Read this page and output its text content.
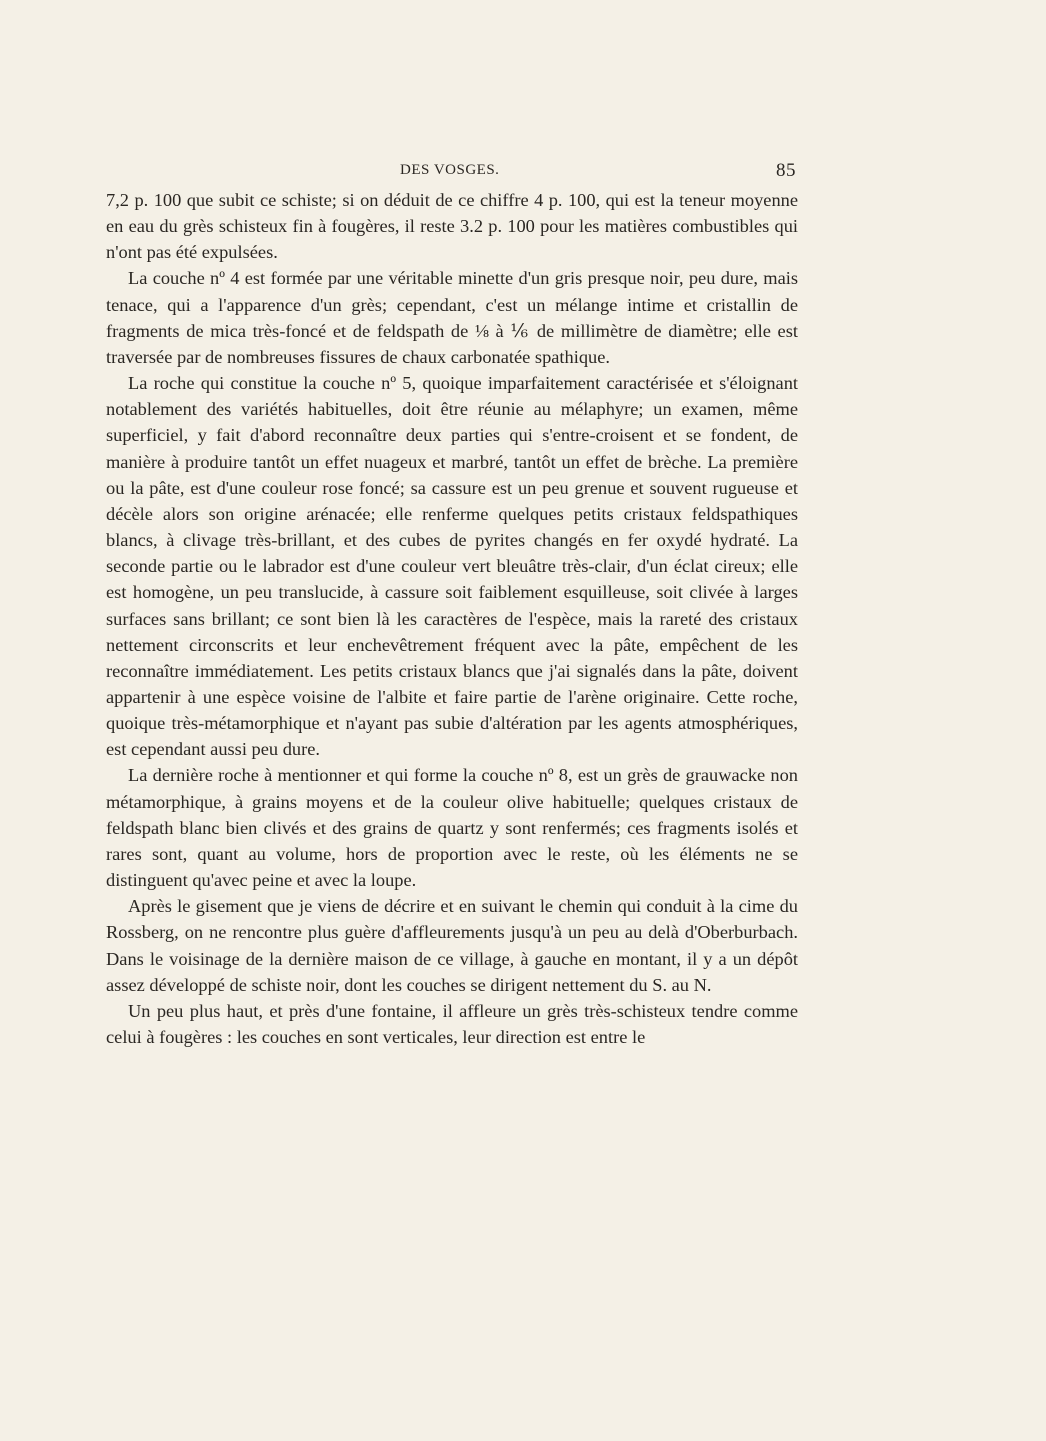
DES VOSGES.	85

7,2 p. 100 que subit ce schiste; si on déduit de ce chiffre 4 p. 100, qui est la teneur moyenne en eau du grès schisteux fin à fougères, il reste 3.2 p. 100 pour les matières combustibles qui n'ont pas été expulsées.

La couche nº 4 est formée par une véritable minette d'un gris presque noir, peu dure, mais tenace, qui a l'apparence d'un grès; cependant, c'est un mélange intime et cristallin de fragments de mica très-foncé et de feldspath de ⅛ à ⅙ de millimètre de diamètre; elle est traversée par de nombreuses fissures de chaux carbonatée spathique.

La roche qui constitue la couche nº 5, quoique imparfaitement caractérisée et s'éloignant notablement des variétés habituelles, doit être réunie au mélaphyre; un examen, même superficiel, y fait d'abord reconnaître deux parties qui s'entre-croisent et se fondent, de manière à produire tantôt un effet nuageux et marbré, tantôt un effet de brèche. La première ou la pâte, est d'une couleur rose foncé; sa cassure est un peu grenue et souvent rugueuse et décèle alors son origine arénacée; elle renferme quelques petits cristaux feldspathiques blancs, à clivage très-brillant, et des cubes de pyrites changés en fer oxydé hydraté. La seconde partie ou le labrador est d'une couleur vert bleuâtre très-clair, d'un éclat cireux; elle est homogène, un peu translucide, à cassure soit faiblement esquilleuse, soit clivée à larges surfaces sans brillant; ce sont bien là les caractères de l'espèce, mais la rareté des cristaux nettement circonscrits et leur enchevêtrement fréquent avec la pâte, empêchent de les reconnaître immédiatement. Les petits cristaux blancs que j'ai signalés dans la pâte, doivent appartenir à une espèce voisine de l'albite et faire partie de l'arène originaire. Cette roche, quoique très-métamorphique et n'ayant pas subie d'altération par les agents atmosphériques, est cependant aussi peu dure.

La dernière roche à mentionner et qui forme la couche nº 8, est un grès de grauwacke non métamorphique, à grains moyens et de la couleur olive habituelle; quelques cristaux de feldspath blanc bien clivés et des grains de quartz y sont renfermés; ces fragments isolés et rares sont, quant au volume, hors de proportion avec le reste, où les éléments ne se distinguent qu'avec peine et avec la loupe.

Après le gisement que je viens de décrire et en suivant le chemin qui conduit à la cime du Rossberg, on ne rencontre plus guère d'affleurements jusqu'à un peu au delà d'Oberburbach. Dans le voisinage de la dernière maison de ce village, à gauche en montant, il y a un dépôt assez développé de schiste noir, dont les couches se dirigent nettement du S. au N.

Un peu plus haut, et près d'une fontaine, il affleure un grès très-schisteux tendre comme celui à fougères : les couches en sont verticales, leur direction est entre le
